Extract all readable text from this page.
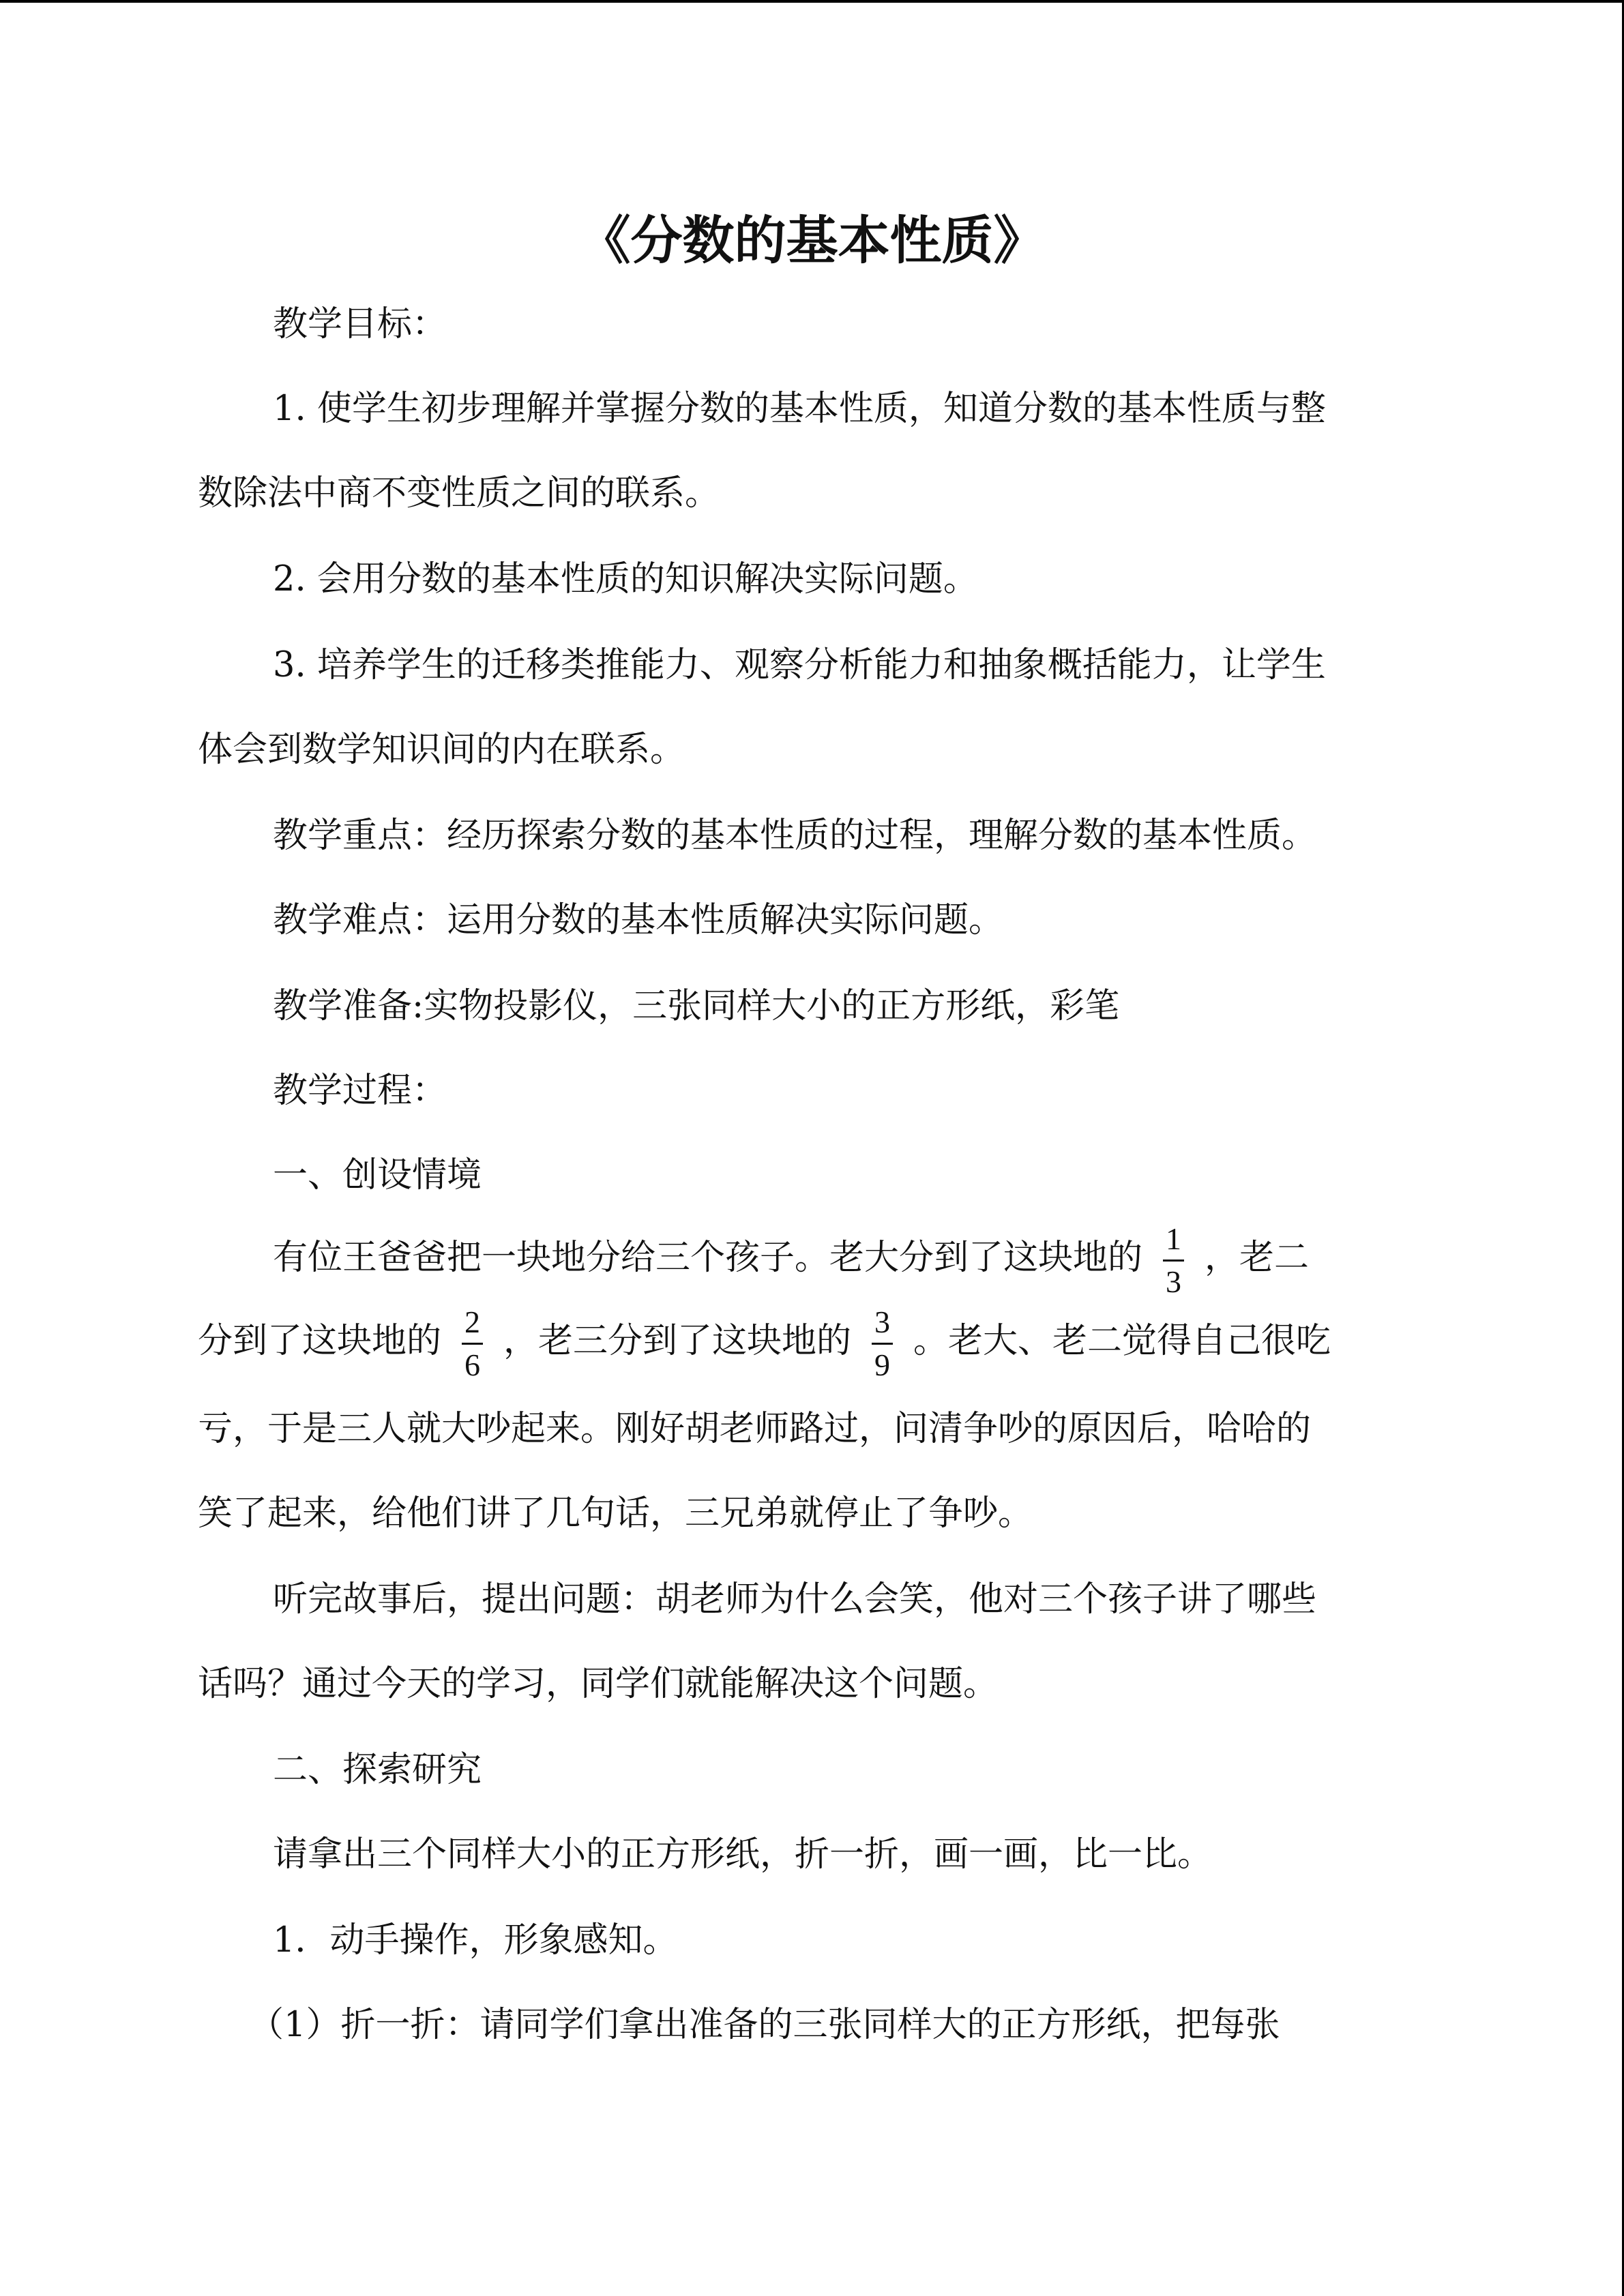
《分数的基本性质》

教学目标：

1. 使学生初步理解并掌握分数的基本性质，知道分数的基本性质与整

数除法中商不变性质之间的联系。

2. 会用分数的基本性质的知识解决实际问题。

3. 培养学生的迁移类推能力、观察分析能力和抽象概括能力，让学生

体会到数学知识间的内在联系。

教学重点：经历探索分数的基本性质的过程，理解分数的基本性质。

教学难点：运用分数的基本性质解决实际问题。

教学准备:实物投影仪，三张同样大小的正方形纸，彩笔

教学过程：

一、创设情境

有位王爸爸把一块地分给三个孩子。老大分到了这块地的 $\frac{1}{3}$ ，老二
分到了这块地的 $\frac{2}{6}$ ，老三分到了这块地的 $\frac{3}{9}$ 。老大、老二觉得自己很吃

亏，于是三人就大吵起来。刚好胡老师路过，问清争吵的原因后，哈哈的

笑了起来，给他们讲了几句话，三兄弟就停止了争吵。

听完故事后，提出问题：胡老师为什么会笑，他对三个孩子讲了哪些

话吗？通过今天的学习，同学们就能解决这个问题。

二、探索研究

请拿出三个同样大小的正方形纸，折一折，画一画，比一比。

1．动手操作，形象感知。

（1）折一折：请同学们拿出准备的三张同样大的正方形纸，把每张
